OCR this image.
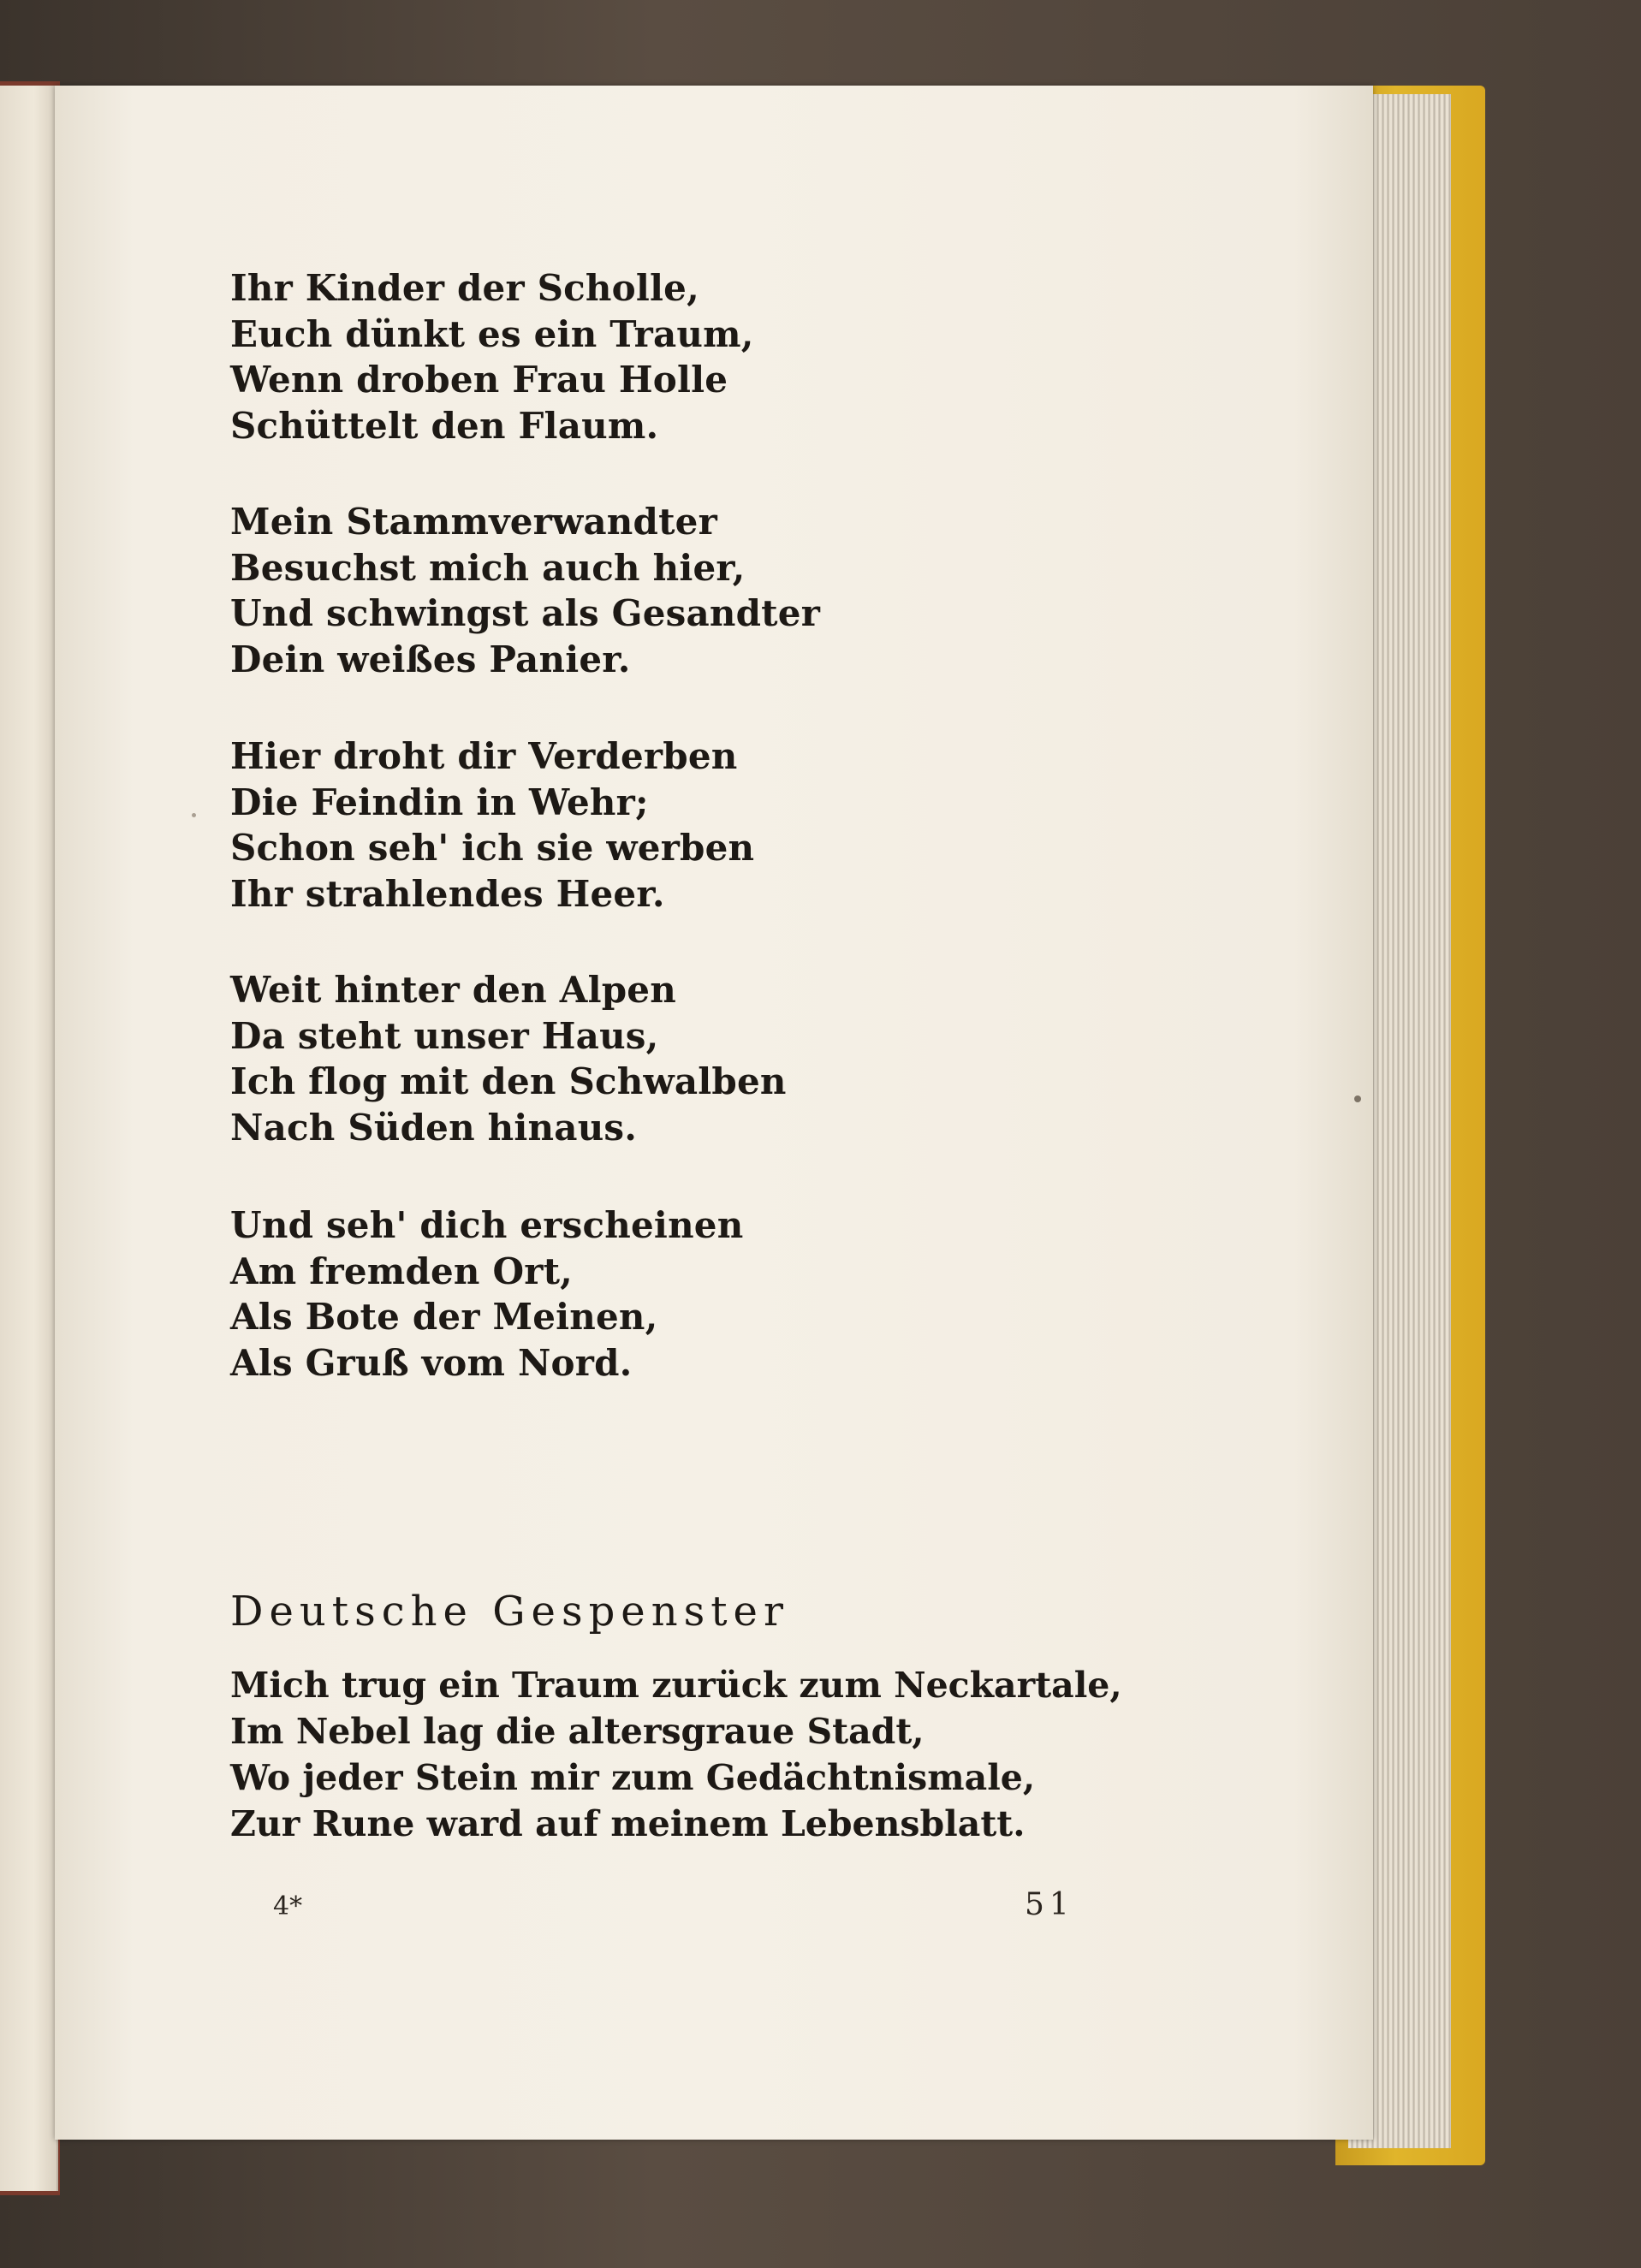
Ihr Kinder der Scholle,
Euch dünkt es ein Traum,
Wenn droben Frau Holle
Schüttelt den Flaum.
Mein Stammverwandter
Besuchst mich auch hier,
Und schwingst als Gesandter
Dein weißes Panier.
Hier droht dir Verderben
Die Feindin in Wehr;
Schon seh' ich sie werben
Ihr strahlendes Heer.
Weit hinter den Alpen
Da steht unser Haus,
Ich flog mit den Schwalben
Nach Süden hinaus.
Und seh' dich erscheinen
Am fremden Ort,
Als Bote der Meinen,
Als Gruß vom Nord.
Deutsche Gespenster
Mich trug ein Traum zurück zum Neckartale,
Im Nebel lag die altersgraue Stadt,
Wo jeder Stein mir zum Gedächtnismale,
Zur Rune ward auf meinem Lebensblatt.
4*	51
